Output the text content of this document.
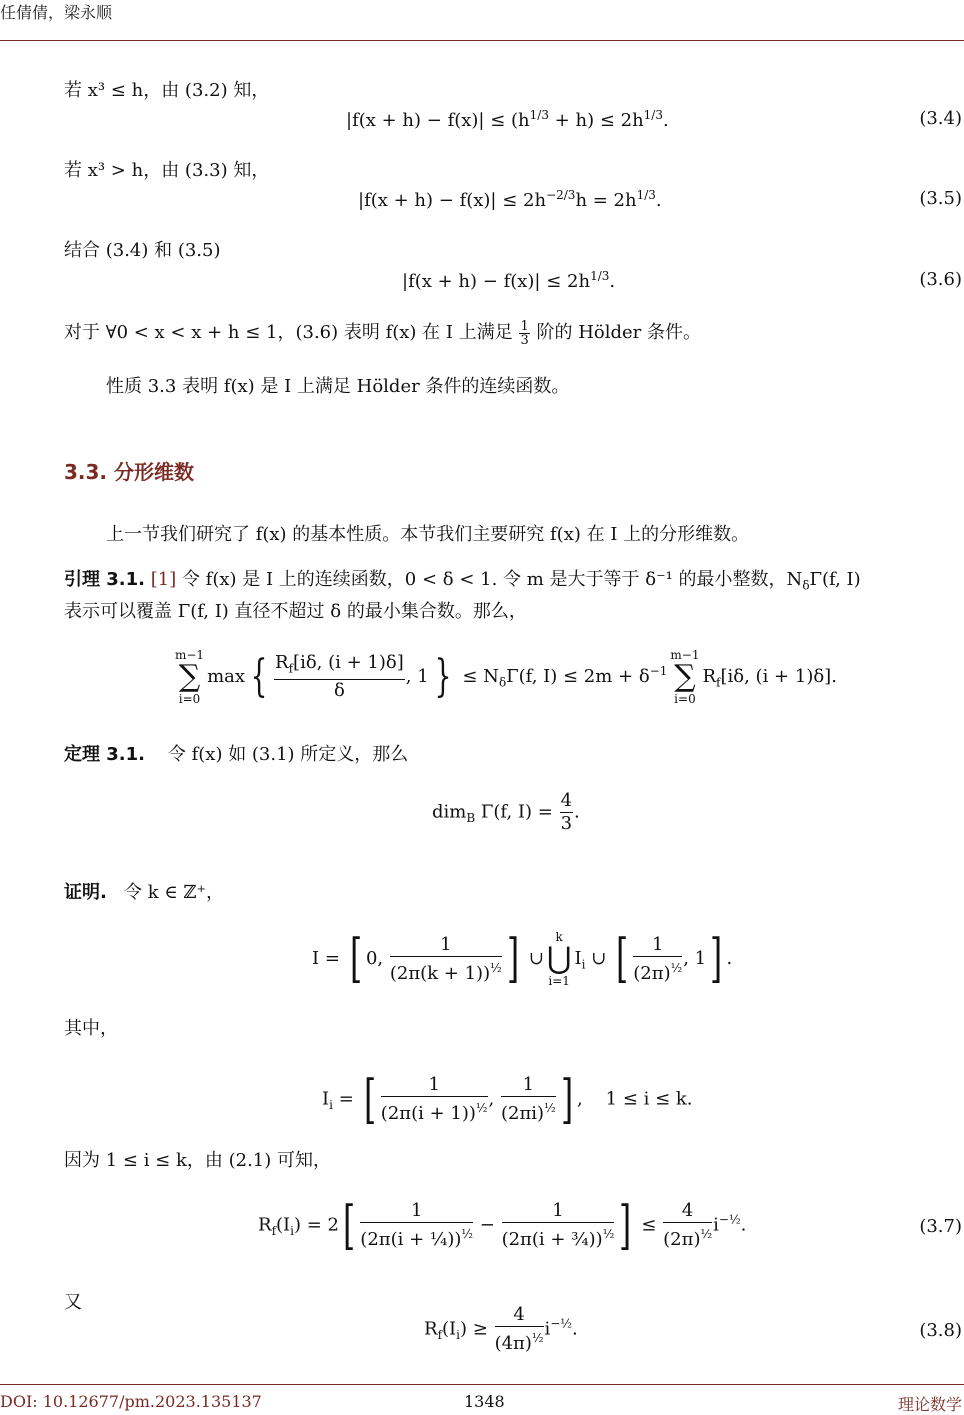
任倩倩，梁永顺
若 x³ ≤ h，由 (3.2) 知，
$|f(x + h) - f(x)| \le (h^{1/3} + h) \le 2h^{1/3}$.	(3.4)
若 x³ > h，由 (3.3) 知，
$|f(x + h) - f(x)| \le 2h^{-2/3}h = 2h^{1/3}$.	(3.5)
结合 (3.4) 和 (3.5)
$|f(x + h) - f(x)| \le 2h^{1/3}$.	(3.6)
对于 ∀0 < x < x + h ≤ 1，(3.6) 表明 f(x) 在 I 上满足 $\frac{1}{3}$ 阶的 Hölder 条件。
性质 3.3 表明 f(x) 是 I 上满足 Hölder 条件的连续函数。
3.3. 分形维数
上一节我们研究了 f(x) 的基本性质。本节我们主要研究 f(x) 在 I 上的分形维数。
引理 3.1. [1] 令 f(x) 是 I 上的连续函数，0 < δ < 1. 令 m 是大于等于 δ⁻¹ 的最小整数，$N_\delta\Gamma(f$, I)
表示可以覆盖 Γ(f, I) 直径不超过 δ 的最小集合数。那么，
m−1
∑
i=0max { $\frac{R_f[i\delta, (i + 1)\delta]}{\delta}$ , 1 } ≤ $N_\delta\Gamma(f$, $I) \le 2m + \delta^{-1}m-1$
∑
$i=0R_f[i\delta$, (i + 1)δ].
定理 3.1. 令 f(x) 如 (3.1) 所定义，那么
dim$_B$ Γ(f, $I) = \frac{4}{3}$ .
证明. 令 k ∈ ℤ⁺，
I = [ 0, $\frac{1}{(2\pi(k + 1))^{\frac{1}{2}}}$ ] ∪k
⋃
$i=1I_i$ ∪ [ $\frac{1}{(2\pi)^{\frac{1}{2}}}$ , 1] .
其中，
$I_i$ = [ $\frac{1}{(2\pi(i + 1))^{\frac{1}{2}}}$ , $\frac{1}{(2\pi i)^{\frac{1}{2}}}$ ] ,    1 ≤ i ≤ k.
因为 1 ≤ i ≤ k，由 (2.1) 可知，
$R_f(I_i) = 2[ \frac{1}{(2\pi(i + \frac{1}{4}))^{\frac{1}{2}}} - \frac{1}{(2\pi(i + \frac{3}{4}))^{\frac{1}{2}}}$ ] ≤ $\frac{4}{(2\pi)^{\frac{1}{2}}} i^{-\frac{1}{2}}$.	(3.7)
又
$R_f(I_i) \ge \frac{4}{(4\pi)^{\frac{1}{2}}} i^{-\frac{1}{2}}$.	(3.8)
DOI: 10.12677/pm.2023.135137	1348	理论数学
